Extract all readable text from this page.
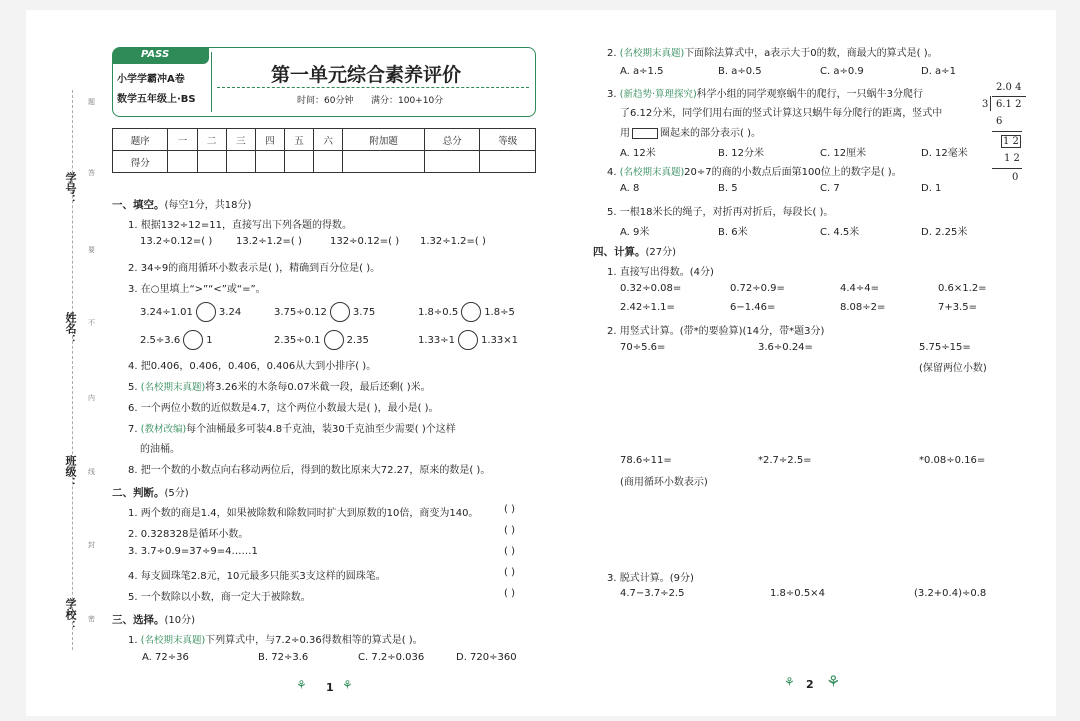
学号：
姓名：
班级：
学校：
题
答
要
不
内
线
封
密
PASS
小学学霸冲A卷
数学五年级上·BS
第一单元综合素养评价
时间：60分钟 满分：100+10分
题序	一	二	三	四	五	六	附加题	总分	等级
得分									
一、填空。(每空1分，共18分)
1. 根据132÷12=11，直接写出下列各题的得数。
13.2÷0.12=( ) 13.2÷1.2=( )	132÷0.12=( ) 1.32÷1.2=( )
2. 34÷9的商用循环小数表示是( )，精确到百分位是( )。
3. 在○里填上“>”“<”或“=”。
3.24÷1.01	3.24	3.75÷0.12	3.75	1.8÷0.5	1.8÷5
2.5÷3.6	1	2.35÷0.1	2.35	1.33÷1	1.33×1
4. 把0.406，0.406，0.406，0.406从大到小排序( )。
5. (名校期末真题)将3.26米的木条每0.07米截一段，最后还剩( )米。
6. 一个两位小数的近似数是4.7，这个两位小数最大是( )，最小是( )。
7. (教材改编)每个油桶最多可装4.8千克油，装30千克油至少需要( )个这样
的油桶。
8. 把一个数的小数点向右移动两位后，得到的数比原来大72.27，原来的数是( )。
二、判断。(5分)
1. 两个数的商是1.4，如果被除数和除数同时扩大到原数的10倍，商变为140。
2. 0.328328是循环小数。
3. 3.7÷0.9=37÷9=4……1
4. 每支圆珠笔2.8元，10元最多只能买3支这样的圆珠笔。
5. 一个数除以小数，商一定大于被除数。
( )
( )
( )
( )
( )
三、选择。(10分)
1. (名校期末真题)下列算式中，与7.2÷0.36得数相等的算式是( )。
A. 72÷36	B. 72÷3.6	C. 7.2÷0.036	D. 720÷360
⚘ 1 ⚘
2. (名校期末真题)下面除法算式中，a表示大于0的数，商最大的算式是( )。
A. a÷1.5	B. a÷0.5	C. a÷0.9	D. a÷1
3. (新趋势·算理探究)科学小组的同学观察蜗牛的爬行，一只蜗牛3分爬行
了6.12分米，同学们用右面的竖式计算这只蜗牛每分爬行的距离，竖式中
用	圈起来的部分表示( )。
A. 12米	B. 12分米	C. 12厘米	D. 12毫米
2.0 4
3 6.1 2
6
1 2
1 2
0
4. (名校期末真题)20÷7的商的小数点后面第100位上的数字是( )。
A. 8	B. 5	C. 7	D. 1
5. 一根18米长的绳子，对折再对折后，每段长( )。
A. 9米	B. 6米	C. 4.5米	D. 2.25米
四、计算。(27分)
1. 直接写出得数。(4分)
0.32÷0.08=	0.72÷0.9=	4.4÷4=	0.6×1.2=
2.42÷1.1=	6−1.46=	8.08÷2=	7+3.5=
2. 用竖式计算。(带*的要验算)(14分，带*题3分)
70÷5.6=	3.6÷0.24=	5.75÷15=
(保留两位小数)
78.6÷11=	*2.7÷2.5=	*0.08÷0.16=
(商用循环小数表示)
3. 脱式计算。(9分)
4.7−3.7÷2.5	1.8÷0.5×4	(3.2+0.4)÷0.8
⚘ 2 ⚘
